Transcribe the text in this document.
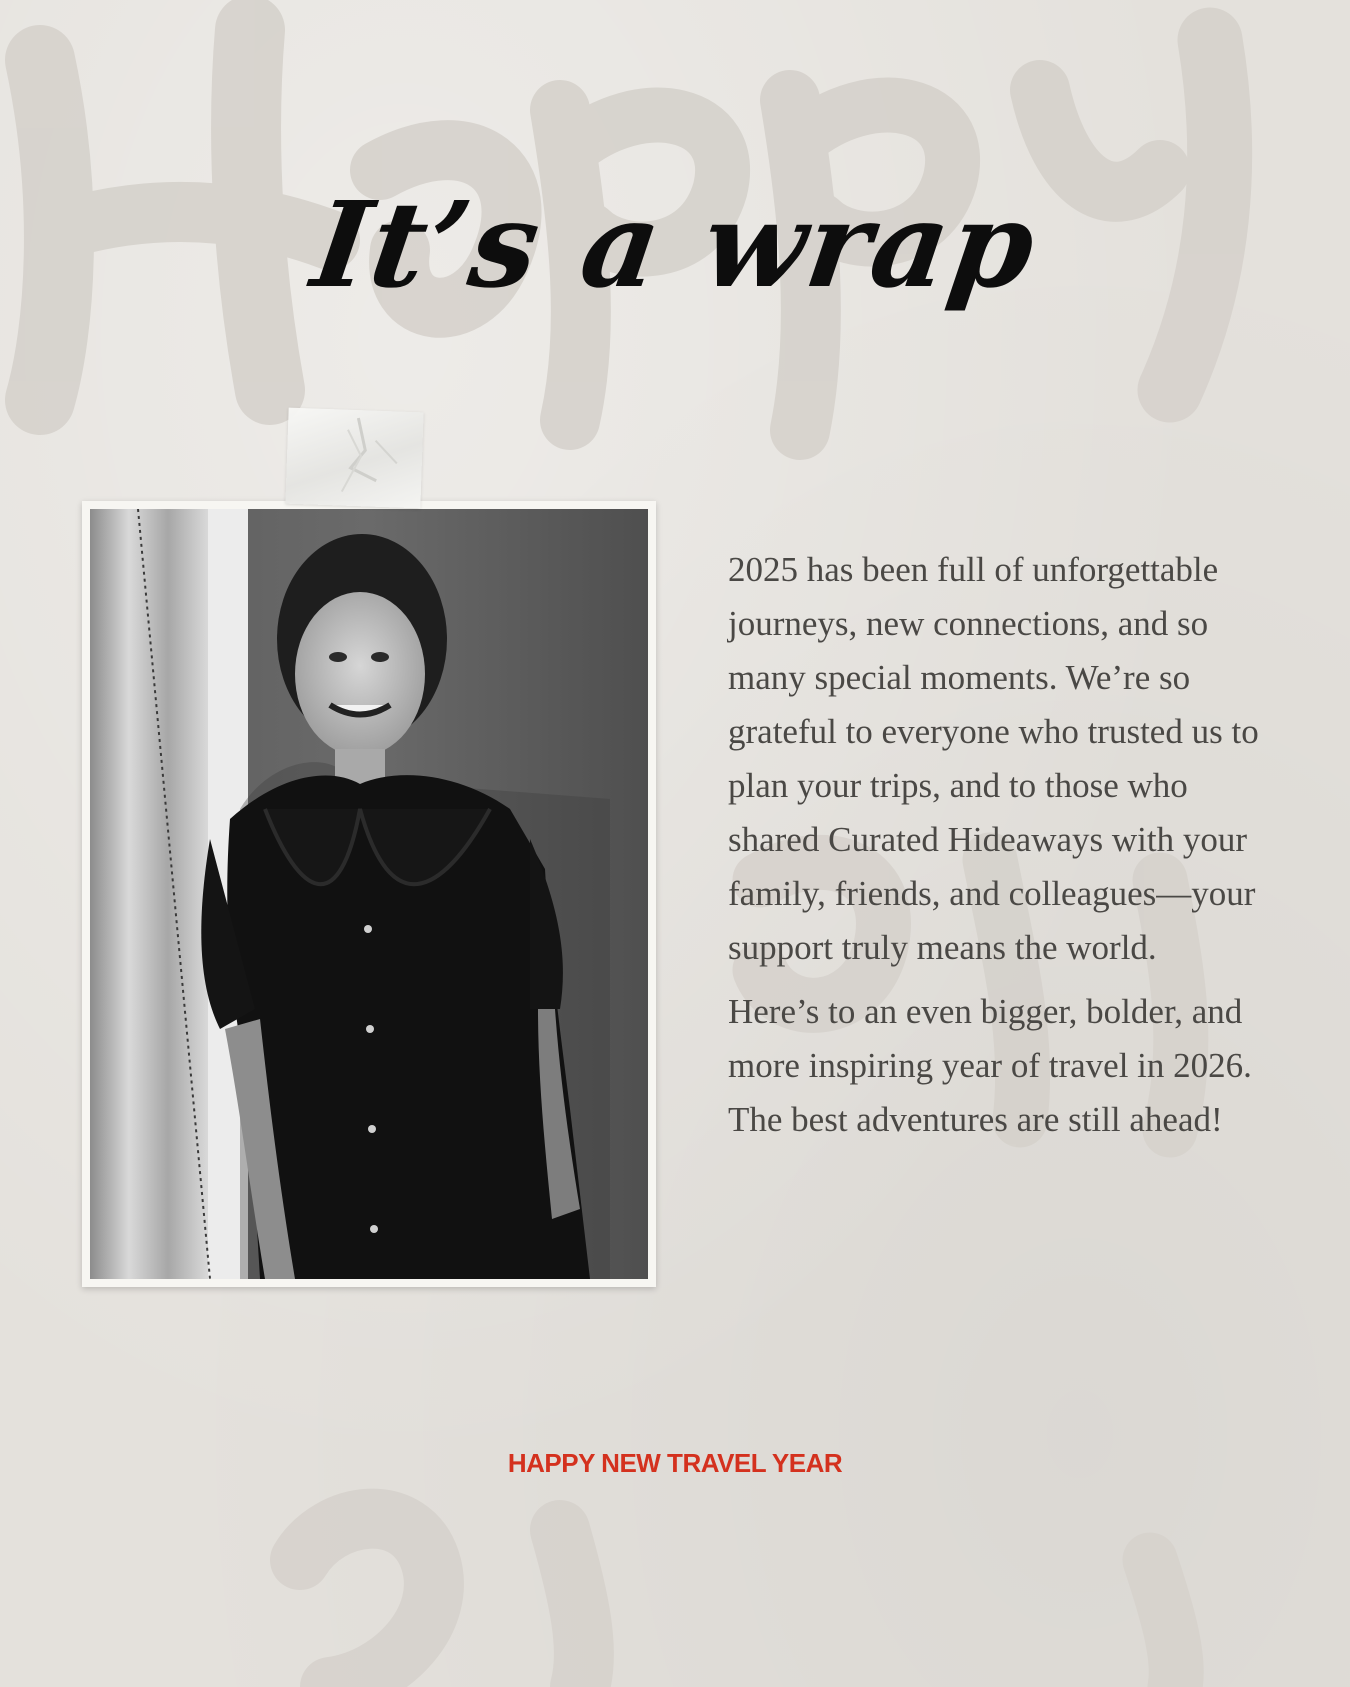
It’s a wrap

2025 has been full of unforgettable journeys, new connections, and so many special moments. We’re so grateful to everyone who trusted us to plan your trips, and to those who shared Curated Hideaways with your family, friends, and colleagues—your support truly means the world.

Here’s to an even bigger, bolder, and more inspiring year of travel in 2026. The best adventures are still ahead!

HAPPY NEW TRAVEL YEAR
